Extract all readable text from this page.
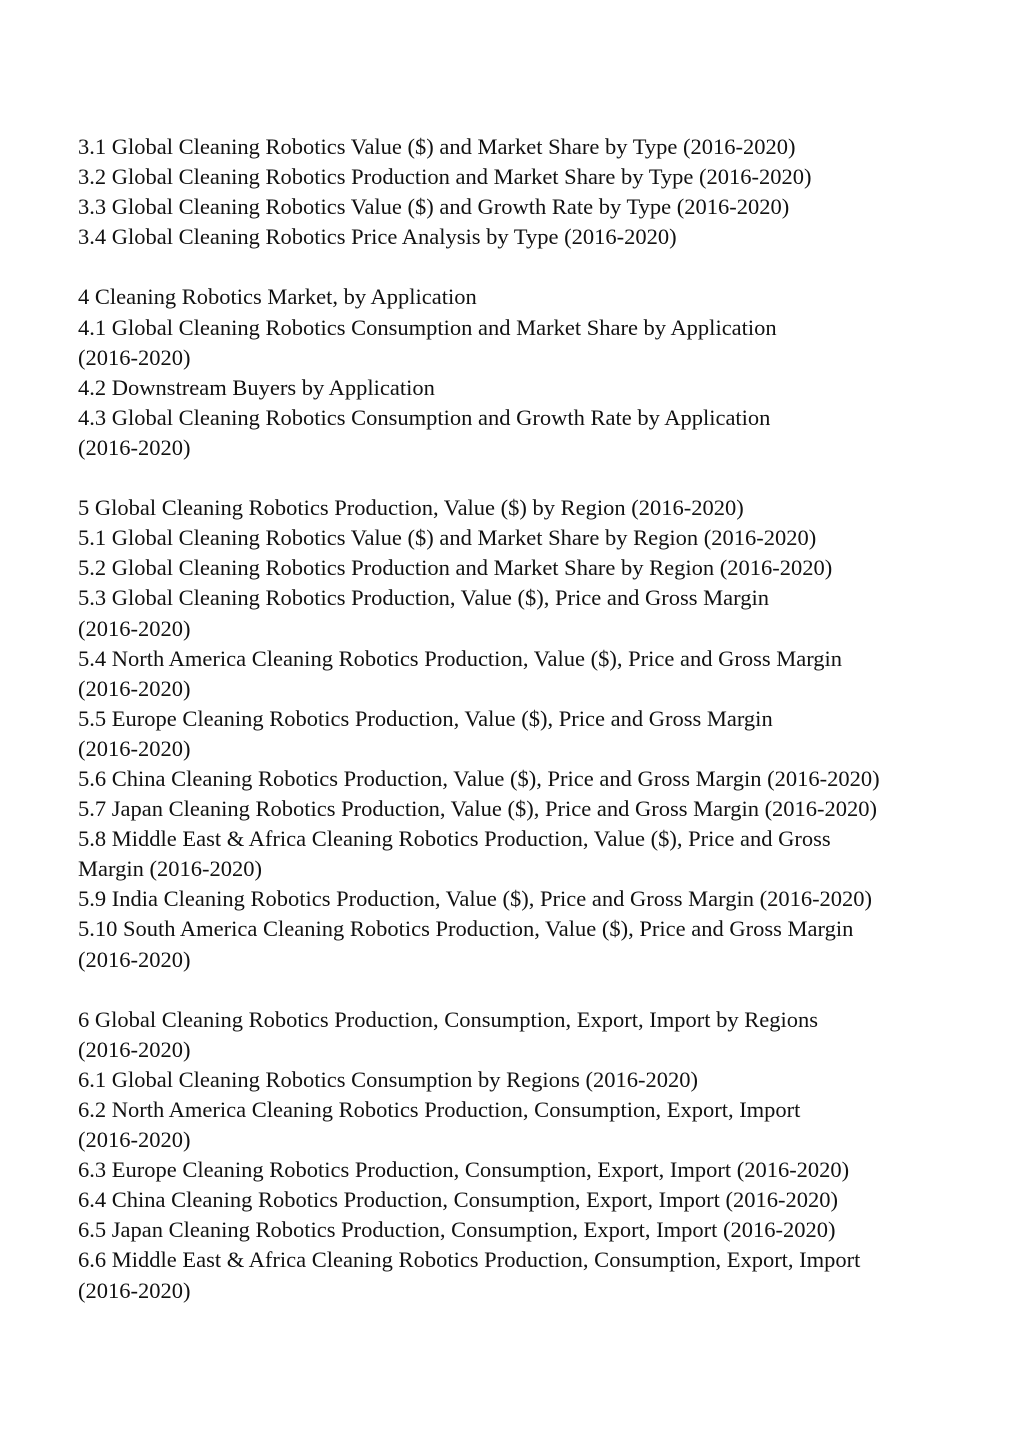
3.1 Global Cleaning Robotics Value ($) and Market Share by Type (2016-2020)
3.2 Global Cleaning Robotics Production and Market Share by Type (2016-2020)
3.3 Global Cleaning Robotics Value ($) and Growth Rate by Type (2016-2020)
3.4 Global Cleaning Robotics Price Analysis by Type (2016-2020)
4 Cleaning Robotics Market, by Application
4.1 Global Cleaning Robotics Consumption and Market Share by Application
(2016-2020)
4.2 Downstream Buyers by Application
4.3 Global Cleaning Robotics Consumption and Growth Rate by Application
(2016-2020)
5 Global Cleaning Robotics Production, Value ($) by Region (2016-2020)
5.1 Global Cleaning Robotics Value ($) and Market Share by Region (2016-2020)
5.2 Global Cleaning Robotics Production and Market Share by Region (2016-2020)
5.3 Global Cleaning Robotics Production, Value ($), Price and Gross Margin
(2016-2020)
5.4 North America Cleaning Robotics Production, Value ($), Price and Gross Margin
(2016-2020)
5.5 Europe Cleaning Robotics Production, Value ($), Price and Gross Margin
(2016-2020)
5.6 China Cleaning Robotics Production, Value ($), Price and Gross Margin (2016-2020)
5.7 Japan Cleaning Robotics Production, Value ($), Price and Gross Margin (2016-2020)
5.8 Middle East & Africa Cleaning Robotics Production, Value ($), Price and Gross
Margin (2016-2020)
5.9 India Cleaning Robotics Production, Value ($), Price and Gross Margin (2016-2020)
5.10 South America Cleaning Robotics Production, Value ($), Price and Gross Margin
(2016-2020)
6 Global Cleaning Robotics Production, Consumption, Export, Import by Regions
(2016-2020)
6.1 Global Cleaning Robotics Consumption by Regions (2016-2020)
6.2 North America Cleaning Robotics Production, Consumption, Export, Import
(2016-2020)
6.3 Europe Cleaning Robotics Production, Consumption, Export, Import (2016-2020)
6.4 China Cleaning Robotics Production, Consumption, Export, Import (2016-2020)
6.5 Japan Cleaning Robotics Production, Consumption, Export, Import (2016-2020)
6.6 Middle East & Africa Cleaning Robotics Production, Consumption, Export, Import
(2016-2020)
